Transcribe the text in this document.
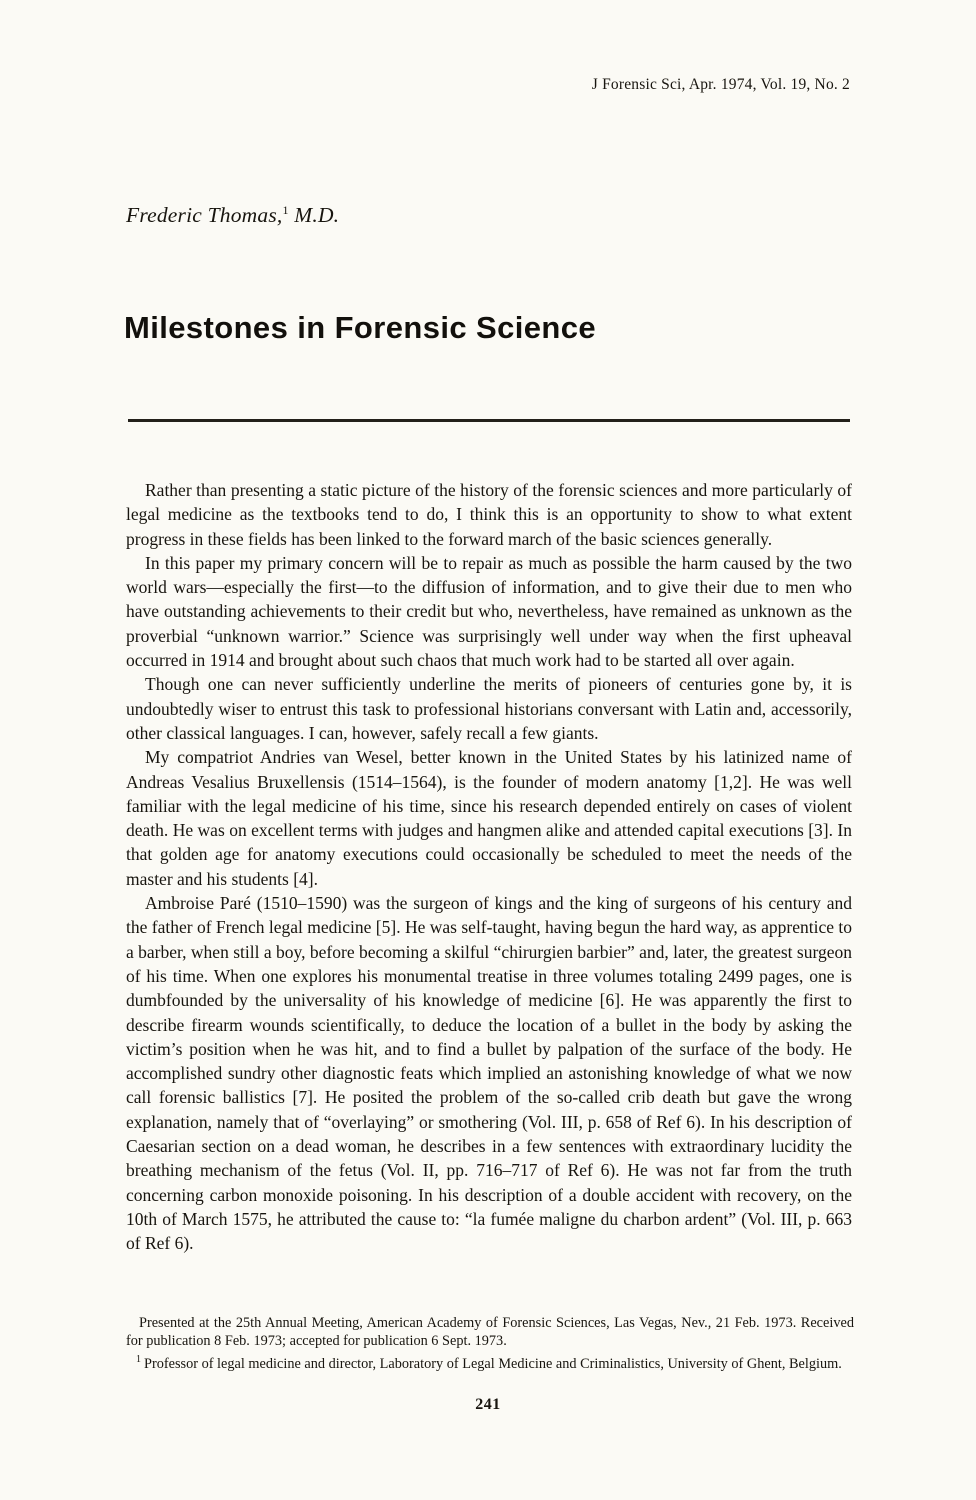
J Forensic Sci, Apr. 1974, Vol. 19, No. 2
Frederic Thomas,$^1$ M.D.
Milestones in Forensic Science

Rather than presenting a static picture of the history of the forensic sciences and more particularly of legal medicine as the textbooks tend to do, I think this is an opportunity to show to what extent progress in these fields has been linked to the forward march of the basic sciences generally.

In this paper my primary concern will be to repair as much as possible the harm caused by the two world wars—especially the first—to the diffusion of information, and to give their due to men who have outstanding achievements to their credit but who, nevertheless, have remained as unknown as the proverbial “unknown warrior.” Science was surprisingly well under way when the first upheaval occurred in 1914 and brought about such chaos that much work had to be started all over again.

Though one can never sufficiently underline the merits of pioneers of centuries gone by, it is undoubtedly wiser to entrust this task to professional historians conversant with Latin and, accessorily, other classical languages. I can, however, safely recall a few giants.

My compatriot Andries van Wesel, better known in the United States by his latinized name of Andreas Vesalius Bruxellensis (1514–1564), is the founder of modern anatomy [1,2]. He was well familiar with the legal medicine of his time, since his research depended entirely on cases of violent death. He was on excellent terms with judges and hangmen alike and attended capital executions [3]. In that golden age for anatomy executions could occasionally be scheduled to meet the needs of the master and his students [4].

Ambroise Paré (1510–1590) was the surgeon of kings and the king of surgeons of his century and the father of French legal medicine [5]. He was self-taught, having begun the hard way, as apprentice to a barber, when still a boy, before becoming a skilful “chirurgien barbier” and, later, the greatest surgeon of his time. When one explores his monumental treatise in three volumes totaling 2499 pages, one is dumbfounded by the universality of his knowledge of medicine [6]. He was apparently the first to describe firearm wounds scientifically, to deduce the location of a bullet in the body by asking the victim’s position when he was hit, and to find a bullet by palpation of the surface of the body. He accomplished sundry other diagnostic feats which implied an astonishing knowledge of what we now call forensic ballistics [7]. He posited the problem of the so-called crib death but gave the wrong explanation, namely that of “overlaying” or smothering (Vol. III, p. 658 of Ref 6). In his description of Caesarian section on a dead woman, he describes in a few sentences with extraordinary lucidity the breathing mechanism of the fetus (Vol. II, pp. 716–717 of Ref 6). He was not far from the truth concerning carbon monoxide poisoning. In his description of a double accident with recovery, on the 10th of March 1575, he attributed the cause to: “la fumée maligne du charbon ardent” (Vol. III, p. 663 of Ref 6).

Presented at the 25th Annual Meeting, American Academy of Forensic Sciences, Las Vegas, Nev., 21 Feb. 1973. Received for publication 8 Feb. 1973; accepted for publication 6 Sept. 1973.

$^1$ Professor of legal medicine and director, Laboratory of Legal Medicine and Criminalistics, University of Ghent, Belgium.

241
